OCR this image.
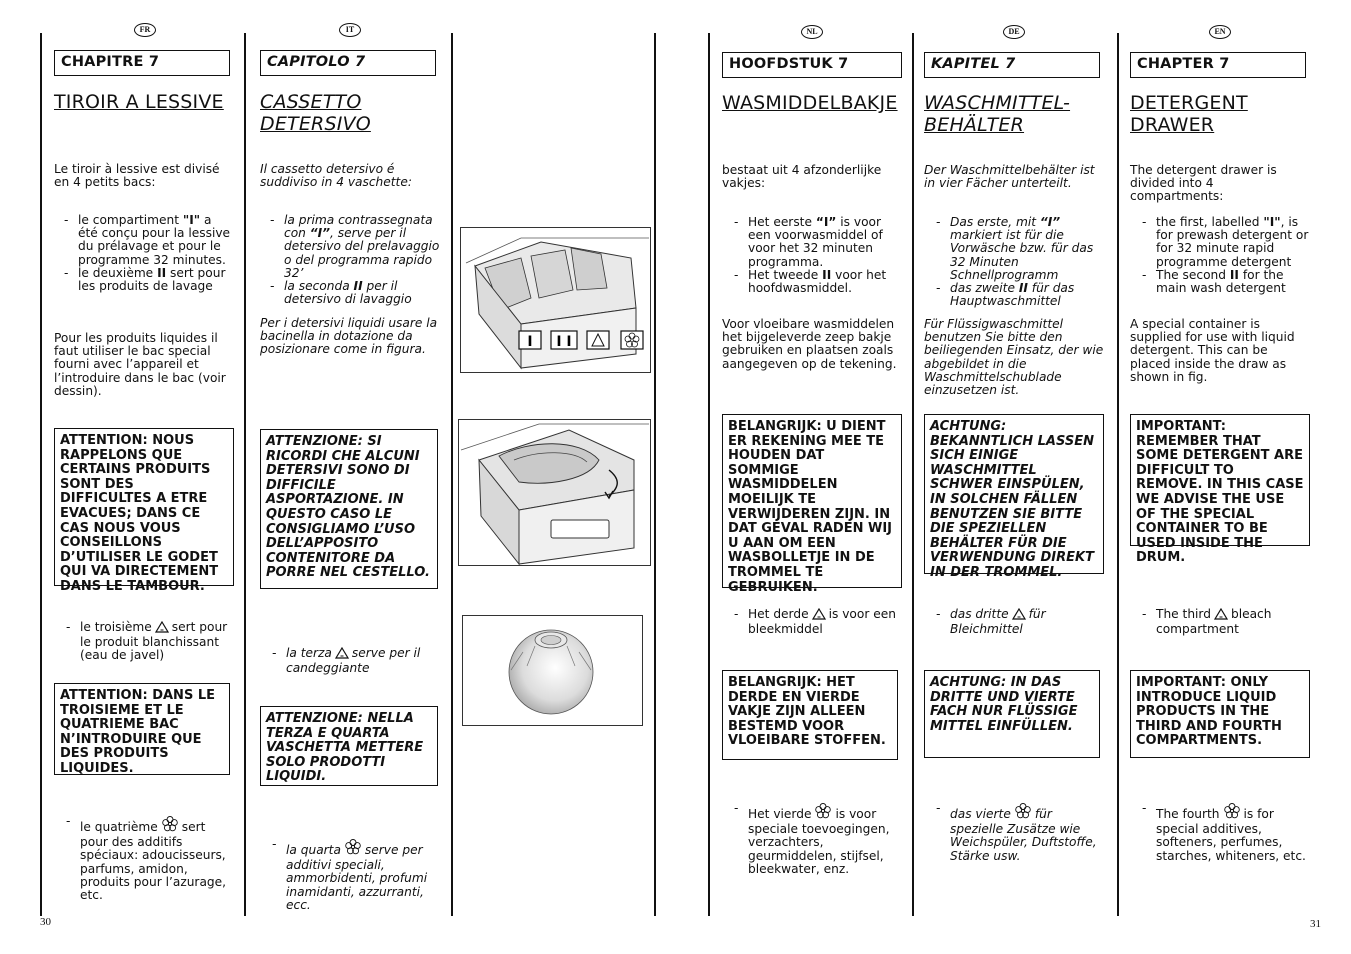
FR	IT	NL	DE	EN
CHAPITRE 7
TIROIR A LESSIVE
Le tiroir à lessive est divisé en 4 petits bacs:
- le compartiment "I" a été conçu pour la lessive du prélavage et pour le programme 32 minutes.
- le deuxième II sert pour les produits de lavage
Pour les produits liquides il faut utiliser le bac special fourni avec l’appareil et l’introduire dans le bac (voir dessin).
ATTENTION: NOUS RAPPELONS QUE CERTAINS PRODUITS SONT DES DIFFICULTES A ETRE EVACUES; DANS CE CAS NOUS VOUS CONSEILLONS D’UTILISER LE GODET QUI VA DIRECTEMENT DANS LE TAMBOUR.
- le troisième sert pour le produit blanchissant (eau de javel)
ATTENTION: DANS LE TROISIEME ET LE QUATRIEME BAC N’INTRODUIRE QUE DES PRODUITS LIQUIDES.
- le quatrième sert pour des additifs spéciaux: adoucisseurs, parfums, amidon, produits pour l’azurage, etc.
CAPITOLO 7
CASSETTO
DETERSIVO
Il cassetto detersivo é suddiviso in 4 vaschette:
- la prima contrassegnata con “I”, serve per il detersivo del prelavaggio o del programma rapido 32’
- la seconda II per il detersivo di lavaggio
Per i detersivi liquidi usare la bacinella in dotazione da posizionare come in figura.
ATTENZIONE: SI RICORDI CHE ALCUNI DETERSIVI SONO DI DIFFICILE ASPORTAZIONE. IN QUESTO CASO LE CONSIGLIAMO L’USO DELL’APPOSITO CONTENITORE DA PORRE NEL CESTELLO.
- la terza serve per il candeggiante
ATTENZIONE: NELLA TERZA E QUARTA VASCHETTA METTERE SOLO PRODOTTI LIQUIDI.
- la quarta serve per additivi speciali, ammorbidenti, profumi inamidanti, azzurranti, ecc.
I I I
HOOFDSTUK 7
WASMIDDELBAKJE
bestaat uit 4 afzonderlijke vakjes:
- Het eerste “I” is voor een voorwasmiddel of voor het 32 minuten programma.
- Het tweede II voor het hoofdwasmiddel.
Voor vloeibare wasmiddelen het bijgeleverde zeep bakje gebruiken en plaatsen zoals aangegeven op de tekening.
BELANGRIJK: U DIENT ER REKENING MEE TE HOUDEN DAT SOMMIGE WASMIDDELEN MOEILIJK TE VERWIJDEREN ZIJN. IN DAT GEVAL RADEN WIJ U AAN OM EEN WASBOLLETJE IN DE TROMMEL TE GEBRUIKEN.
- Het derde is voor een bleekmiddel
BELANGRIJK: HET DERDE EN VIERDE VAKJE ZIJN ALLEEN BESTEMD VOOR VLOEIBARE STOFFEN.
- Het vierde is voor speciale toevoegingen, verzachters, geurmiddelen, stijfsel, bleekwater, enz.
KAPITEL 7
WASCHMITTEL-
BEHÄLTER
Der Waschmittelbehälter ist in vier Fächer unterteilt.
- Das erste, mit “I” markiert ist für die Vorwäsche bzw. für das 32 Minuten Schnellprogramm
- das zweite II für das Hauptwaschmittel
Für Flüssigwaschmittel benutzen Sie bitte den beiliegenden Einsatz, der wie abgebildet in die Waschmittelschublade einzusetzen ist.
ACHTUNG: BEKANNTLICH LASSEN SICH EINIGE WASCHMITTEL SCHWER EINSPÜLEN, IN SOLCHEN FÄLLEN BENUTZEN SIE BITTE DIE SPEZIELLEN BEHÄLTER FÜR DIE VERWENDUNG DIREKT IN DER TROMMEL.
- das dritte für Bleichmittel
ACHTUNG: IN DAS DRITTE UND VIERTE FACH NUR FLÜSSIGE MITTEL EINFÜLLEN.
- das vierte für spezielle Zusätze wie Weichspüler, Duftstoffe, Stärke usw.
CHAPTER 7
DETERGENT
DRAWER
The detergent drawer is divided into 4 compartments:
- the first, labelled "I", is for prewash detergent or for 32 minute rapid programme detergent
- The second II for the main wash detergent
A special container is supplied for use with liquid detergent. This can be placed inside the draw as shown in fig.
IMPORTANT: REMEMBER THAT SOME DETERGENT ARE DIFFICULT TO REMOVE. IN THIS CASE WE ADVISE THE USE OF THE SPECIAL CONTAINER TO BE USED INSIDE THE DRUM.
- The third bleach compartment
IMPORTANT: ONLY INTRODUCE LIQUID PRODUCTS IN THE THIRD AND FOURTH COMPARTMENTS.
- The fourth is for special additives, softeners, perfumes, starches, whiteners, etc.
30	31
